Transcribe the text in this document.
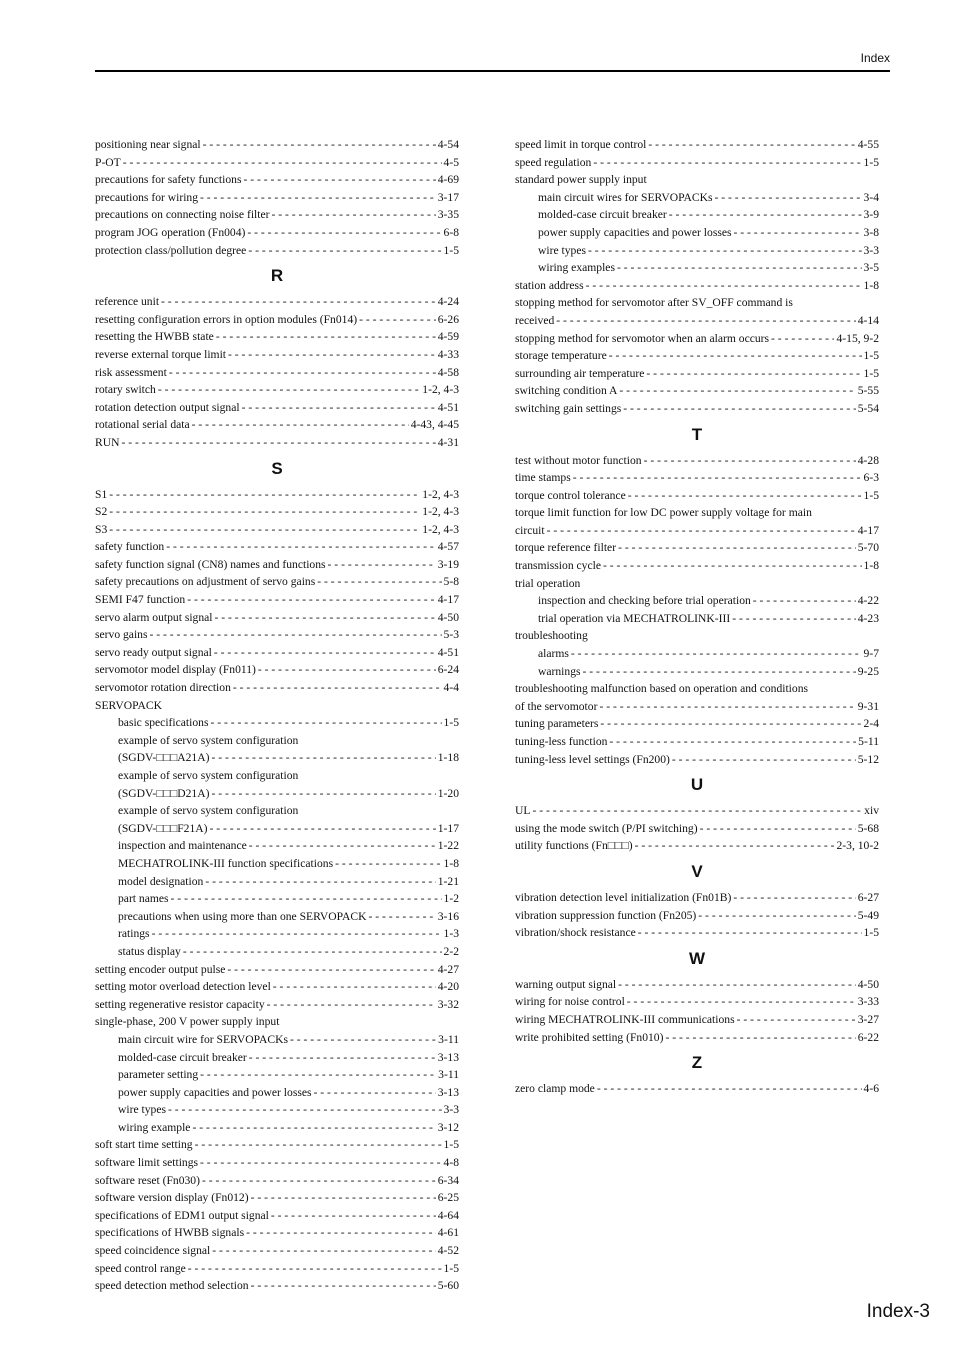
Index
positioning near signal - - -	4-54
P-OT - - -	4-5
precautions for safety functions - - -	4-69
precautions for wiring - - -	3-17
precautions on connecting noise filter - - -	3-35
program JOG operation (Fn004) - - -	6-8
protection class/pollution degree - - -	1-5
R
reference unit - - -	4-24
resetting configuration errors in option modules (Fn014) - - -	6-26
resetting the HWBB state - - -	4-59
reverse external torque limit - - -	4-33
risk assessment - - -	4-58
rotary switch - - -	1-2, 4-3
rotation detection output signal - - -	4-51
rotational serial data - - -	4-43, 4-45
RUN - - -	4-31
S
S1 - - -	1-2, 4-3
S2 - - -	1-2, 4-3
S3 - - -	1-2, 4-3
safety function - - -	4-57
safety function signal (CN8) names and functions - - -	3-19
safety precautions on adjustment of servo gains - - -	5-8
SEMI F47 function - - -	4-17
servo alarm output signal - - -	4-50
servo gains - - -	5-3
servo ready output signal - - -	4-51
servomotor model display (Fn011) - - -	6-24
servomotor rotation direction - - -	4-4
SERVOPACK
basic specifications - - -	1-5
example of servo system configuration
(SGDV-□□□A21A) - - -	1-18
example of servo system configuration
(SGDV-□□□D21A) - - -	1-20
example of servo system configuration
(SGDV-□□□F21A) - - -	1-17
inspection and maintenance - - -	1-22
MECHATROLINK-III function specifications - - -	1-8
model designation - - -	1-21
part names - - -	1-2
precautions when using more than one SERVOPACK - - -	3-16
ratings - - -	1-3
status display - - -	2-2
setting encoder output pulse - - -	4-27
setting motor overload detection level - - -	4-20
setting regenerative resistor capacity - - -	3-32
single-phase, 200 V power supply input
main circuit wire for SERVOPACKs - - -	3-11
molded-case circuit breaker - - -	3-13
parameter setting - - -	3-11
power supply capacities and power losses - - -	3-13
wire types - - -	3-3
wiring example - - -	3-12
soft start time setting - - -	1-5
software limit settings - - -	4-8
software reset (Fn030) - - -	6-34
software version display (Fn012) - - -	6-25
specifications of EDM1 output signal - - -	4-64
specifications of HWBB signals - - -	4-61
speed coincidence signal - - -	4-52
speed control range - - -	1-5
speed detection method selection - - -	5-60
speed limit in torque control - - -	4-55
speed regulation - - -	1-5
standard power supply input
main circuit wires for SERVOPACKs - - -	3-4
molded-case circuit breaker - - -	3-9
power supply capacities and power losses - - -	3-8
wire types - - -	3-3
wiring examples - - -	3-5
station address - - -	1-8
stopping method for servomotor after SV_OFF command is
received - - -	4-14
stopping method for servomotor when an alarm occurs - - -	4-15, 9-2
storage temperature - - -	1-5
surrounding air temperature - - -	1-5
switching condition A - - -	5-55
switching gain settings - - -	5-54
T
test without motor function - - -	4-28
time stamps - - -	6-3
torque control tolerance - - -	1-5
torque limit function for low DC power supply voltage for main
circuit - - -	4-17
torque reference filter - - -	5-70
transmission cycle - - -	1-8
trial operation
inspection and checking before trial operation - - -	4-22
trial operation via MECHATROLINK-III - - -	4-23
troubleshooting
alarms - - -	9-7
warnings - - -	9-25
troubleshooting malfunction based on operation and conditions
of the servomotor - - -	9-31
tuning parameters - - -	2-4
tuning-less function - - -	5-11
tuning-less level settings (Fn200) - - -	5-12
U
UL - - -	xiv
using the mode switch (P/PI switching) - - -	5-68
utility functions (Fn□□□) - - -	2-3, 10-2
V
vibration detection level initialization (Fn01B) - - -	6-27
vibration suppression function (Fn205) - - -	5-49
vibration/shock resistance - - -	1-5
W
warning output signal - - -	4-50
wiring for noise control - - -	3-33
wiring MECHATROLINK-III communications - - -	3-27
write prohibited setting (Fn010) - - -	6-22
Z
zero clamp mode - - -	4-6
Index-3
